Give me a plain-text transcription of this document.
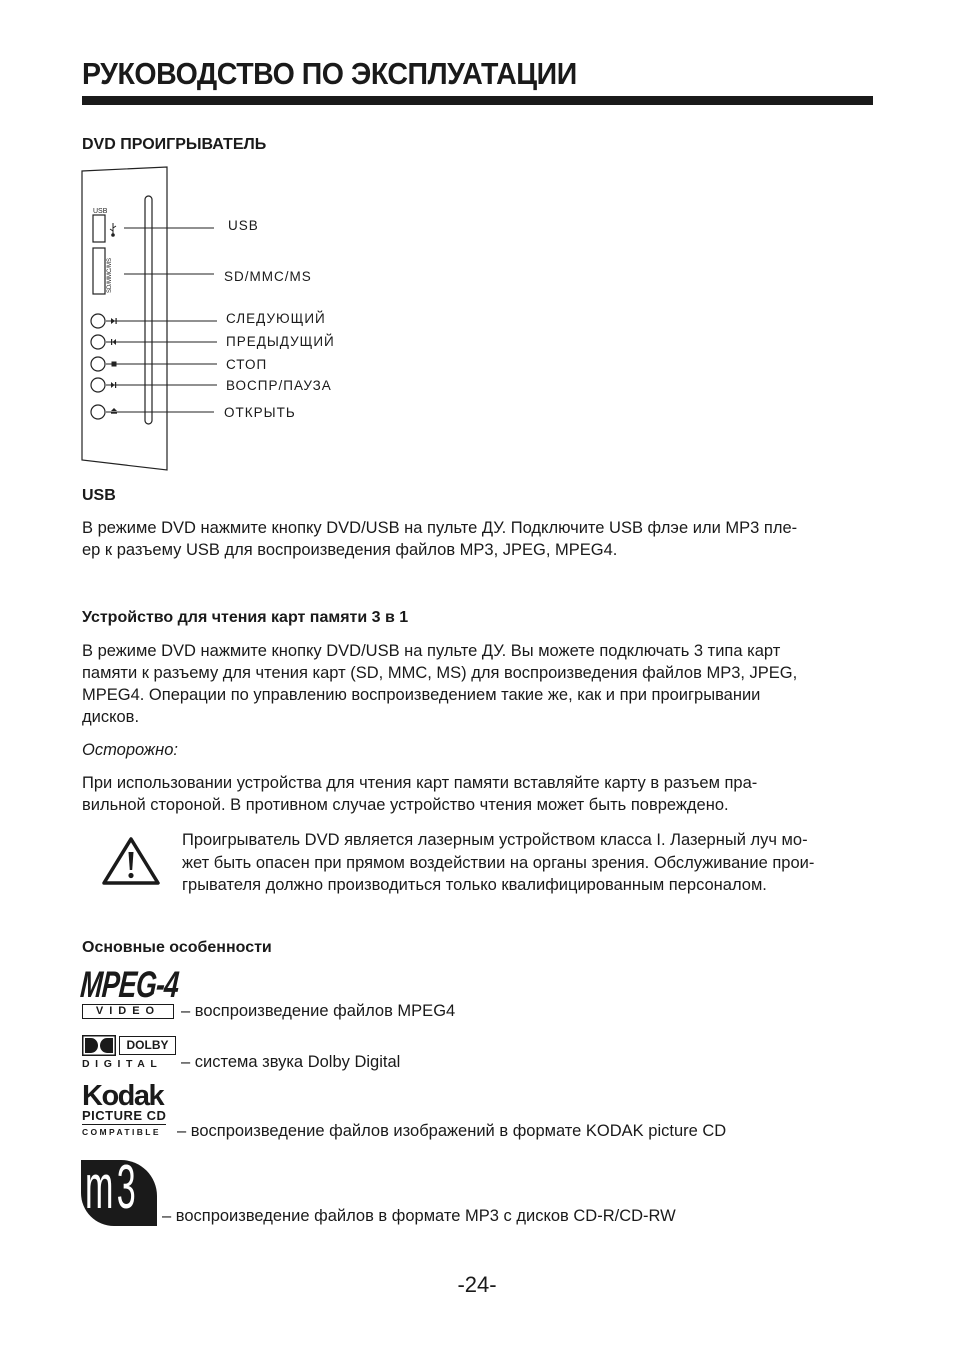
РУКОВОДСТВО ПО ЭКСПЛУАТАЦИИ
DVD ПРОИГРЫВАТЕЛЬ
USB
SD/MMC/MS
USB
SD/MMC/MS
СЛЕДУЮЩИЙ
ПРЕДЫДУЩИЙ
СТОП
ВОСПР/ПАУЗА
ОТКРЫТЬ
USB
В режиме DVD нажмите кнопку DVD/USB на пульте ДУ. Подключите USB флэе или MP3 пле-
ер к разъему USB для воспроизведения файлов MP3, JPEG, MPEG4.
Устройство для чтения карт памяти 3 в 1
В режиме DVD нажмите кнопку DVD/USB на пульте ДУ. Вы можете подключать 3 типа карт
памяти к разъему для чтения карт (SD, MMC, MS) для воспроизведения файлов MP3, JPEG,
MPEG4. Операции по управлению воспроизведением такие же, как и при проигрывании
дисков.
Осторожно:
При использовании устройства для чтения карт памяти вставляйте карту в разъем пра-
вильной стороной. В противном случае устройство чтения может быть повреждено.
Проигрыватель DVD является лазерным устройством класса I. Лазерный луч мо-
жет быть опасен при прямом воздействии на органы зрения. Обслуживание прои-
грывателя должно производиться только квалифицированным персоналом.
Основные особенности
MPEG-4
VIDEO	– воспроизведение файлов MPEG4
DOLBY
DIGITAL – система звука Dolby Digital
Kodak
PICTURE CD
COMPATIBLE – воспроизведение файлов изображений в формате KODAK picture CD
m3 – воспроизведение файлов в формате MP3 с дисков CD-R/CD-RW
-24-
